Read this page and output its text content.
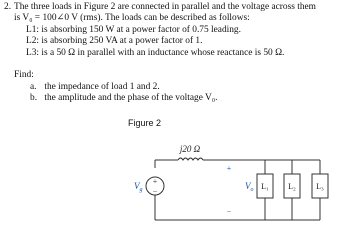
2. The three loads in Figure 2 are connected in parallel and the voltage across them
is V₀ = 100∠0 V (rms). The loads can be described as follows:
L1: is absorbing 150 W at a power factor of 0.75 leading.
L2: is absorbing 250 VA at a power factor of 1.
L3: is a 50 Ω in parallel with an inductance whose reactance is 50 Ω.
Find:
a. the impedance of load 1 and 2.
b. the amplitude and the phase of the voltage V₀.
Figure 2
+
−
$V_g$
j20 Ω
+
−
$V_o$ L₁ L₂	L₃
